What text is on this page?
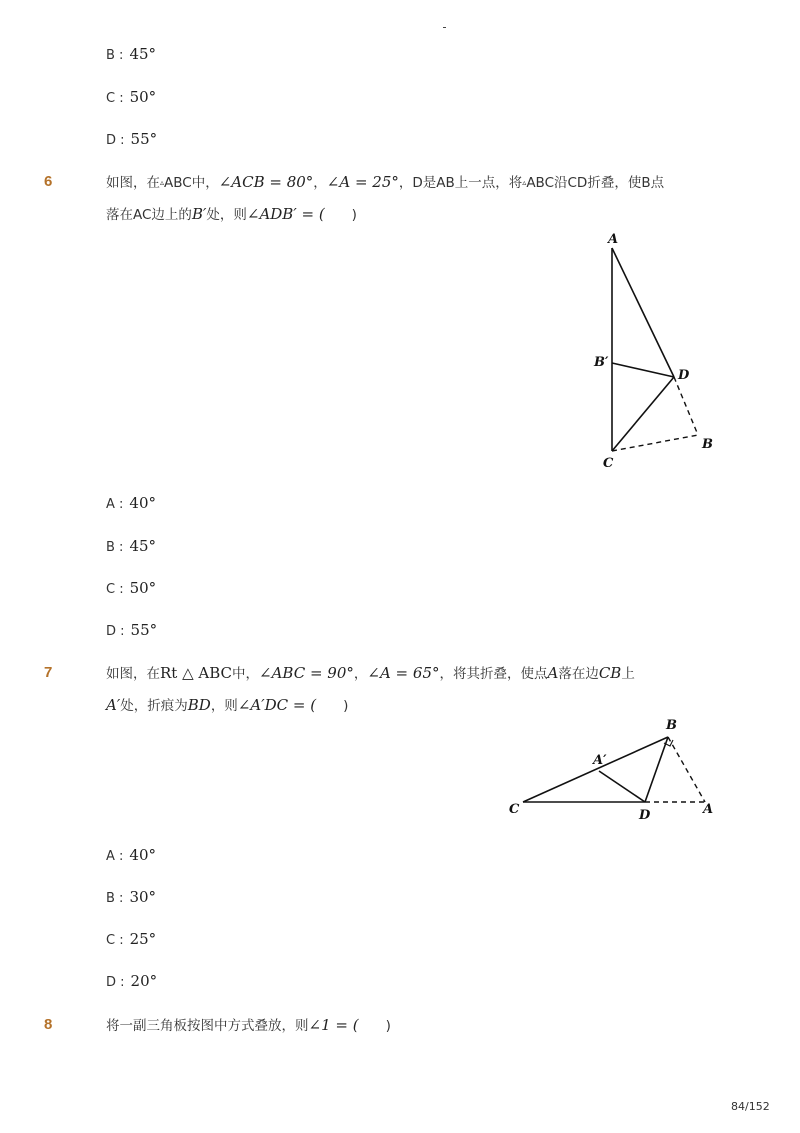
B : 45°
C : 50°
D : 55°
6	如图，在▵ABC中，∠ACB = 80°，∠A = 25°，D是AB上一点，将▵ABC沿CD折叠，使B点
落在AC边上的B′处，则∠ADB′ = (　　)
A
B′
D
C
B
A : 40°
B : 45°
C : 50°
D : 55°
7	如图，在Rt △ ABC中，∠ABC = 90°，∠A = 65°，将其折叠，使点A落在边CB上
A′处，折痕为BD，则∠A′DC = (　　)
B
A′
C	D	A
A : 40°
B : 30°
C : 25°
D : 20°
8	将一副三角板按图中方式叠放，则∠1 = (　　)
84/152
